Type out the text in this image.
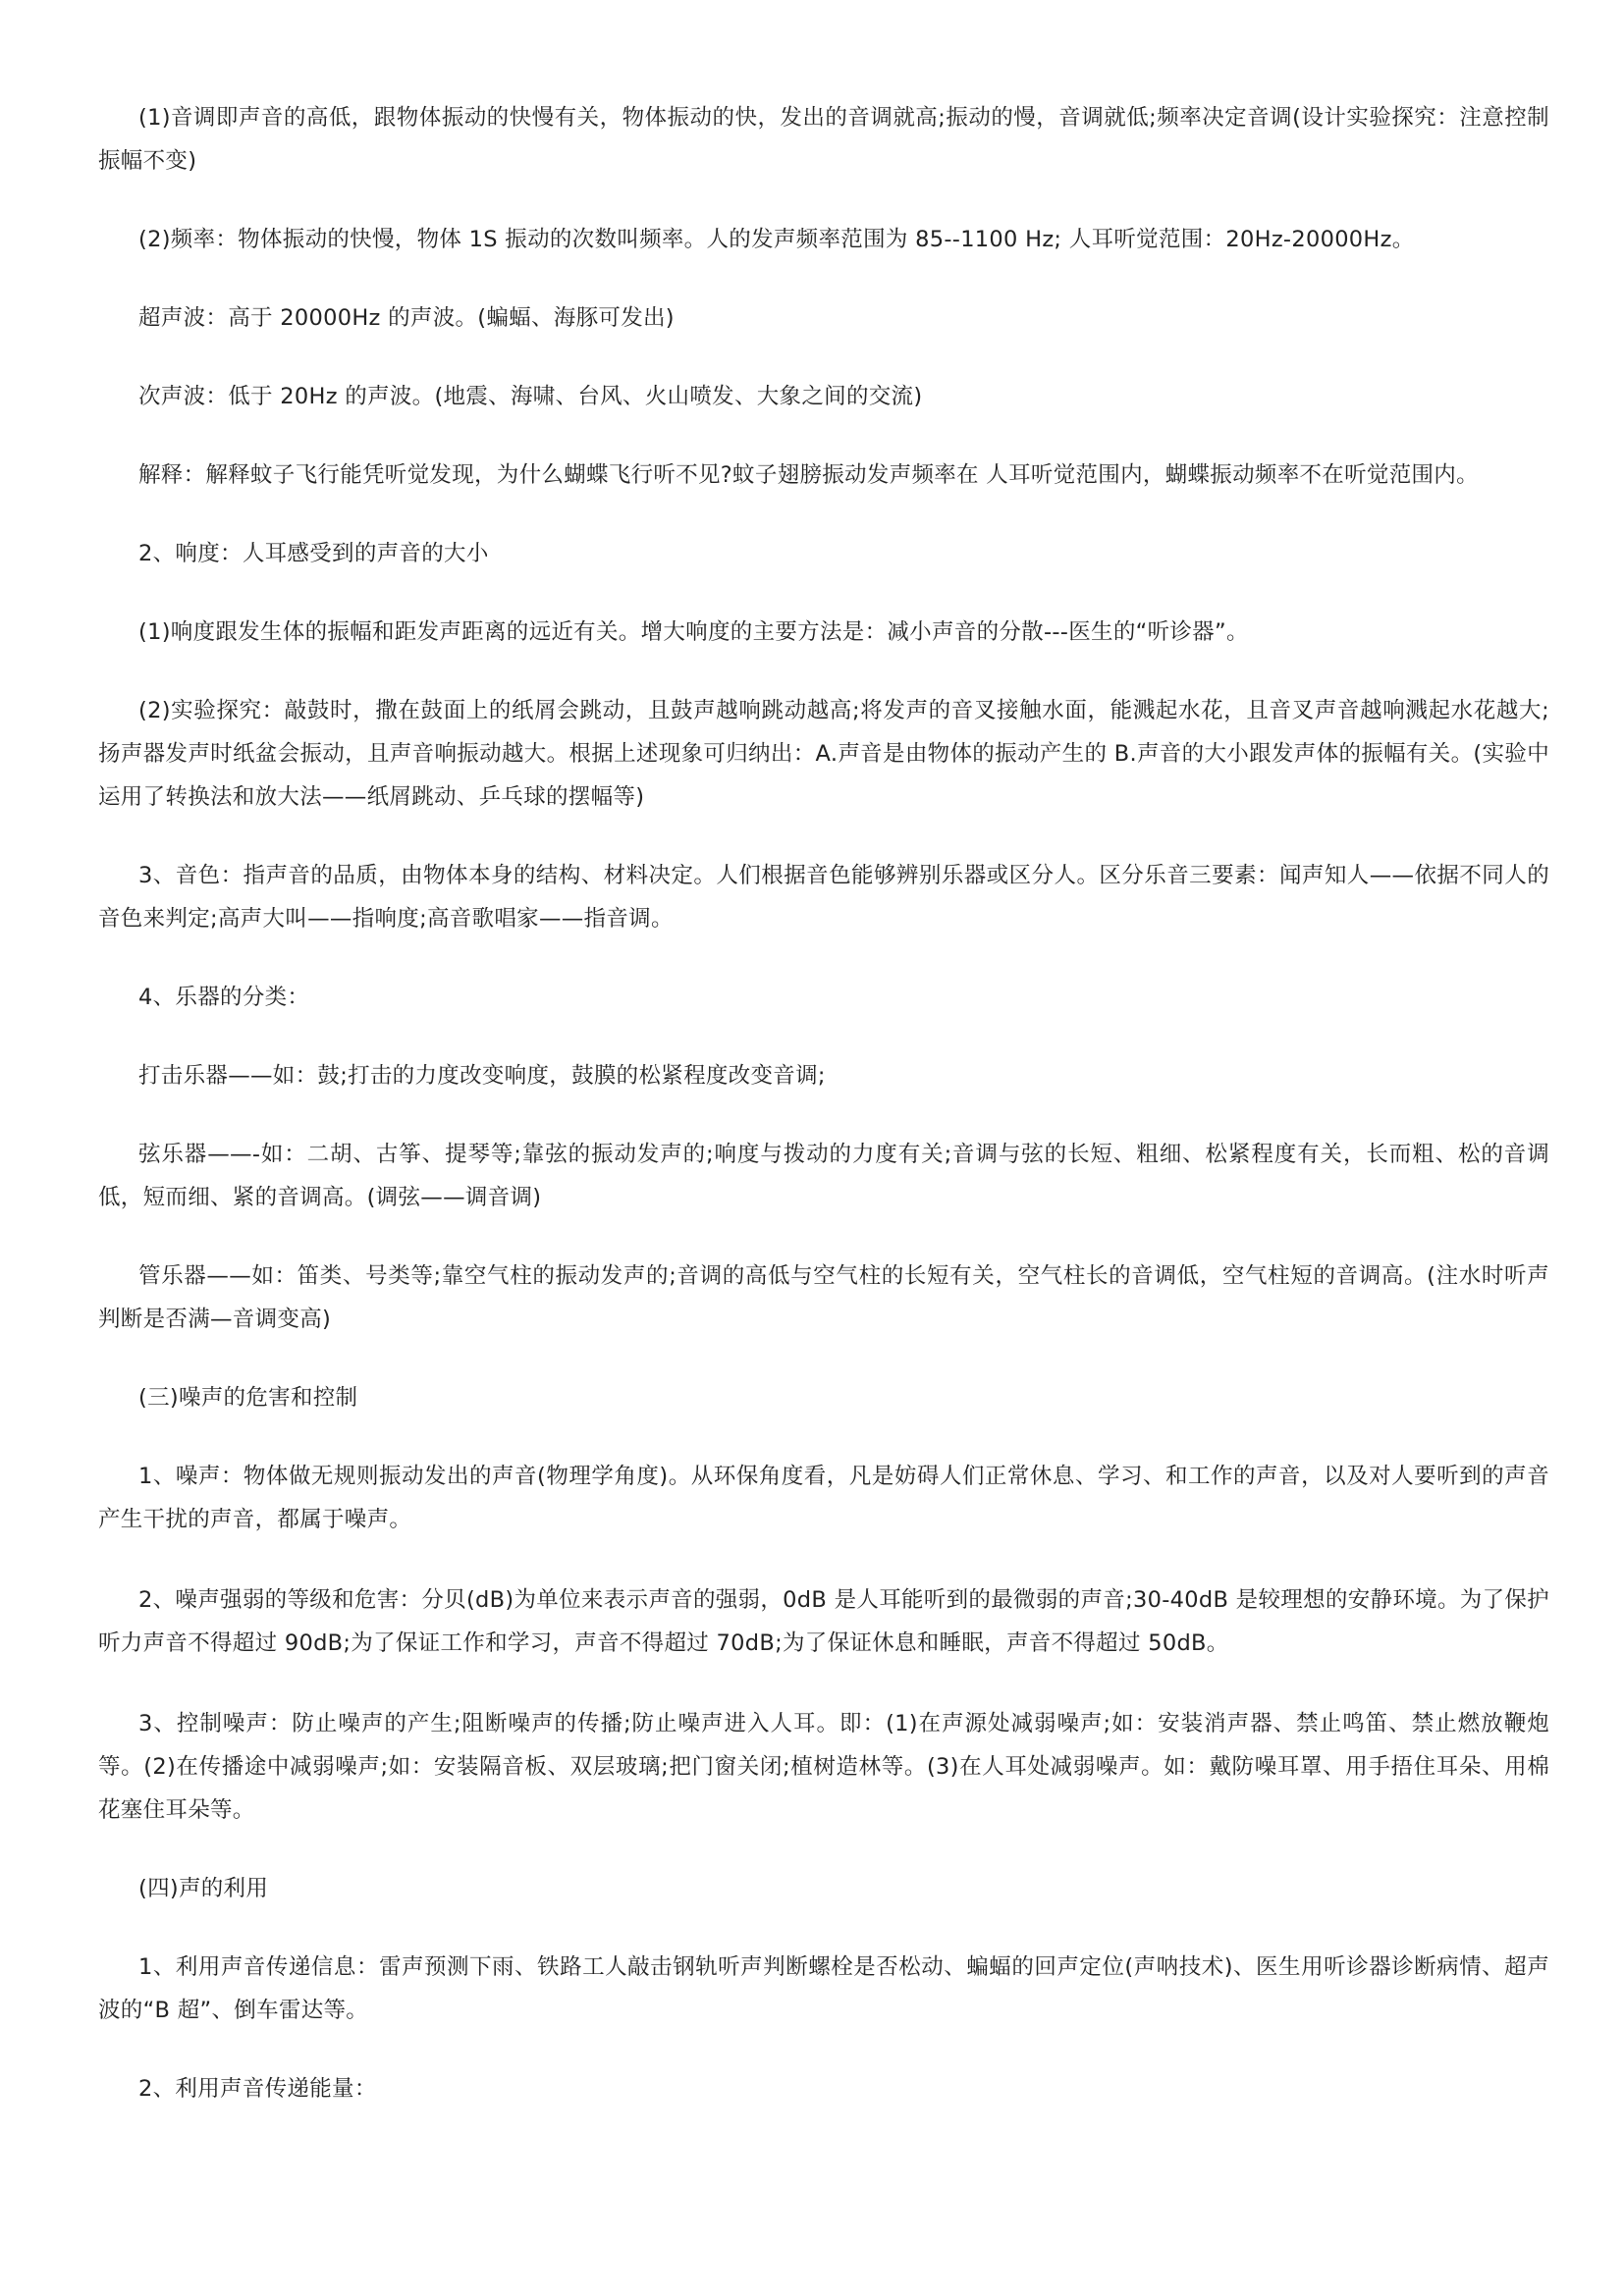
(1)音调即声音的高低，跟物体振动的快慢有关，物体振动的快，发出的音调就高;振动的慢，音调就低;频率决定音调(设计实验探究：注意控制振幅不变)

(2)频率：物体振动的快慢，物体 1S 振动的次数叫频率。人的发声频率范围为 85--1100 Hz; 人耳听觉范围：20Hz-20000Hz。

超声波：高于 20000Hz 的声波。(蝙蝠、海豚可发出)

次声波：低于 20Hz 的声波。(地震、海啸、台风、火山喷发、大象之间的交流)

解释：解释蚊子飞行能凭听觉发现，为什么蝴蝶飞行听不见?蚊子翅膀振动发声频率在 人耳听觉范围内，蝴蝶振动频率不在听觉范围内。

2、响度：人耳感受到的声音的大小

(1)响度跟发生体的振幅和距发声距离的远近有关。增大响度的主要方法是：减小声音的分散---医生的“听诊器”。

(2)实验探究：敲鼓时，撒在鼓面上的纸屑会跳动，且鼓声越响跳动越高;将发声的音叉接触水面，能溅起水花，且音叉声音越响溅起水花越大;扬声器发声时纸盆会振动，且声音响振动越大。根据上述现象可归纳出：A.声音是由物体的振动产生的 B.声音的大小跟发声体的振幅有关。(实验中运用了转换法和放大法——纸屑跳动、乒乓球的摆幅等)

3、音色：指声音的品质，由物体本身的结构、材料决定。人们根据音色能够辨别乐器或区分人。区分乐音三要素：闻声知人——依据不同人的音色来判定;高声大叫——指响度;高音歌唱家——指音调。

4、乐器的分类：

打击乐器——如：鼓;打击的力度改变响度，鼓膜的松紧程度改变音调;

弦乐器——-如：二胡、古筝、提琴等;靠弦的振动发声的;响度与拨动的力度有关;音调与弦的长短、粗细、松紧程度有关，长而粗、松的音调低，短而细、紧的音调高。(调弦——调音调)

管乐器——如：笛类、号类等;靠空气柱的振动发声的;音调的高低与空气柱的长短有关，空气柱长的音调低，空气柱短的音调高。(注水时听声判断是否满—音调变高)

(三)噪声的危害和控制

1、噪声：物体做无规则振动发出的声音(物理学角度)。从环保角度看，凡是妨碍人们正常休息、学习、和工作的声音，以及对人要听到的声音产生干扰的声音，都属于噪声。

2、噪声强弱的等级和危害：分贝(dB)为单位来表示声音的强弱，0dB 是人耳能听到的最微弱的声音;30-40dB 是较理想的安静环境。为了保护听力声音不得超过 90dB;为了保证工作和学习，声音不得超过 70dB;为了保证休息和睡眠，声音不得超过 50dB。

3、控制噪声：防止噪声的产生;阻断噪声的传播;防止噪声进入人耳。即：(1)在声源处减弱噪声;如：安装消声器、禁止鸣笛、禁止燃放鞭炮等。(2)在传播途中减弱噪声;如：安装隔音板、双层玻璃;把门窗关闭;植树造林等。(3)在人耳处减弱噪声。如：戴防噪耳罩、用手捂住耳朵、用棉花塞住耳朵等。

(四)声的利用

1、利用声音传递信息：雷声预测下雨、铁路工人敲击钢轨听声判断螺栓是否松动、蝙蝠的回声定位(声呐技术)、医生用听诊器诊断病情、超声波的“B 超”、倒车雷达等。

2、利用声音传递能量：
